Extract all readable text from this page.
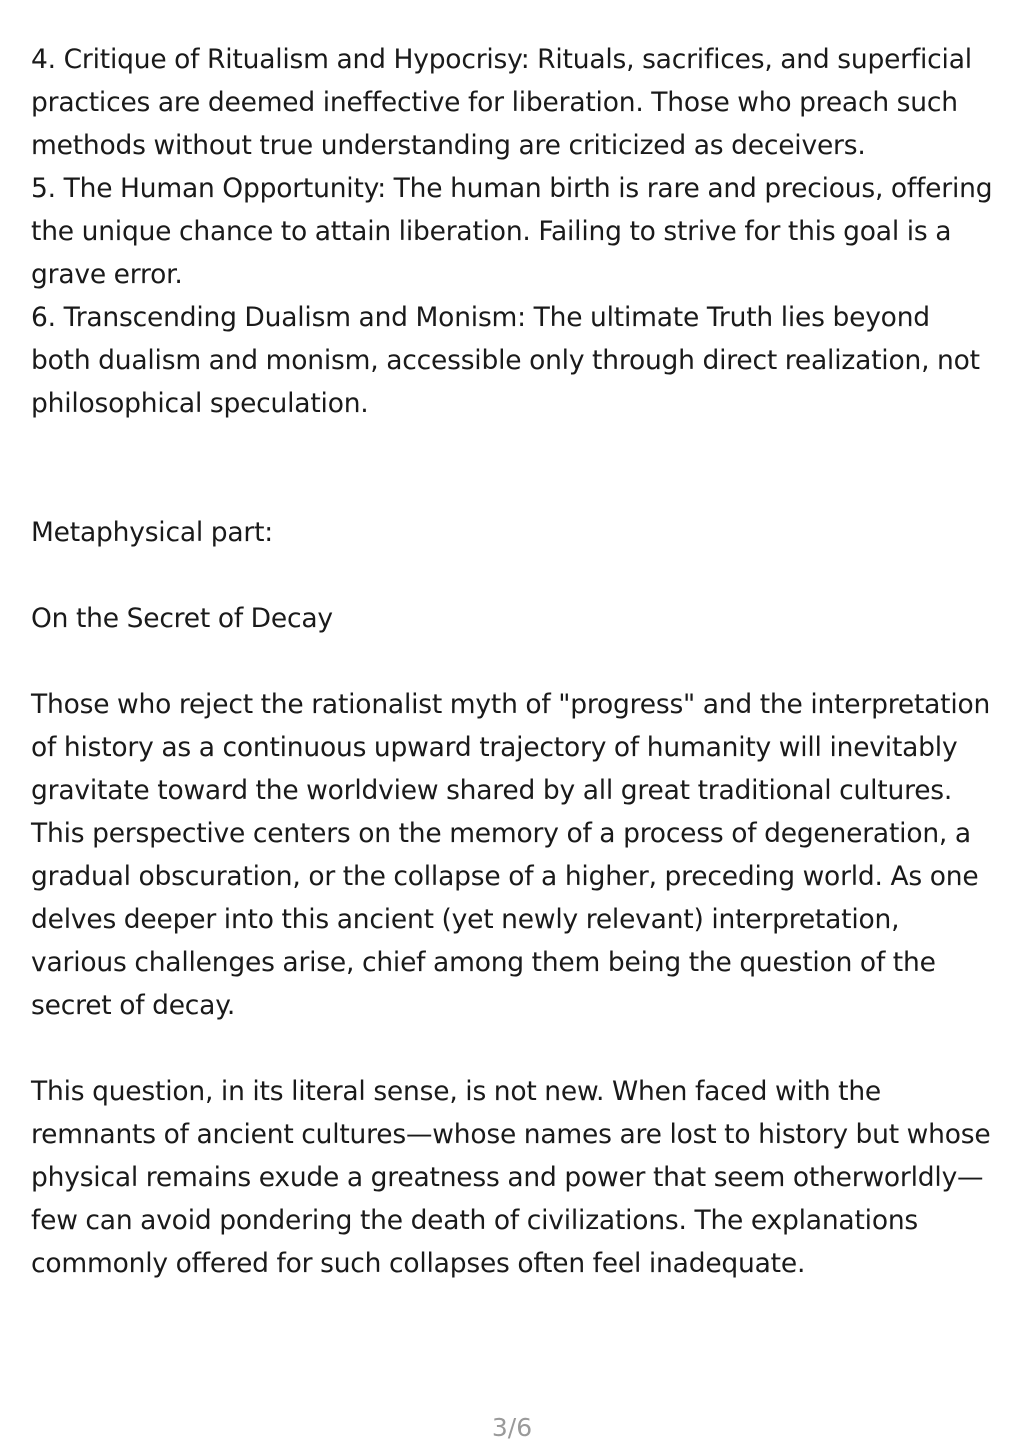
4. Critique of Ritualism and Hypocrisy: Rituals, sacrifices, and superficial practices are deemed ineffective for liberation. Those who preach such methods without true understanding are criticized as deceivers.

5. The Human Opportunity: The human birth is rare and precious, offering the unique chance to attain liberation. Failing to strive for this goal is a grave error.

6. Transcending Dualism and Monism: The ultimate Truth lies beyond both dualism and monism, accessible only through direct realization, not philosophical speculation.

Metaphysical part:

On the Secret of Decay

Those who reject the rationalist myth of "progress" and the interpretation of history as a continuous upward trajectory of humanity will inevitably gravitate toward the worldview shared by all great traditional cultures. This perspective centers on the memory of a process of degeneration, a gradual obscuration, or the collapse of a higher, preceding world. As one delves deeper into this ancient (yet newly relevant) interpretation, various challenges arise, chief among them being the question of the secret of decay.

This question, in its literal sense, is not new. When faced with the remnants of ancient cultures—whose names are lost to history but whose physical remains exude a greatness and power that seem otherworldly—few can avoid pondering the death of civilizations. The explanations commonly offered for such collapses often feel inadequate.

3/6
